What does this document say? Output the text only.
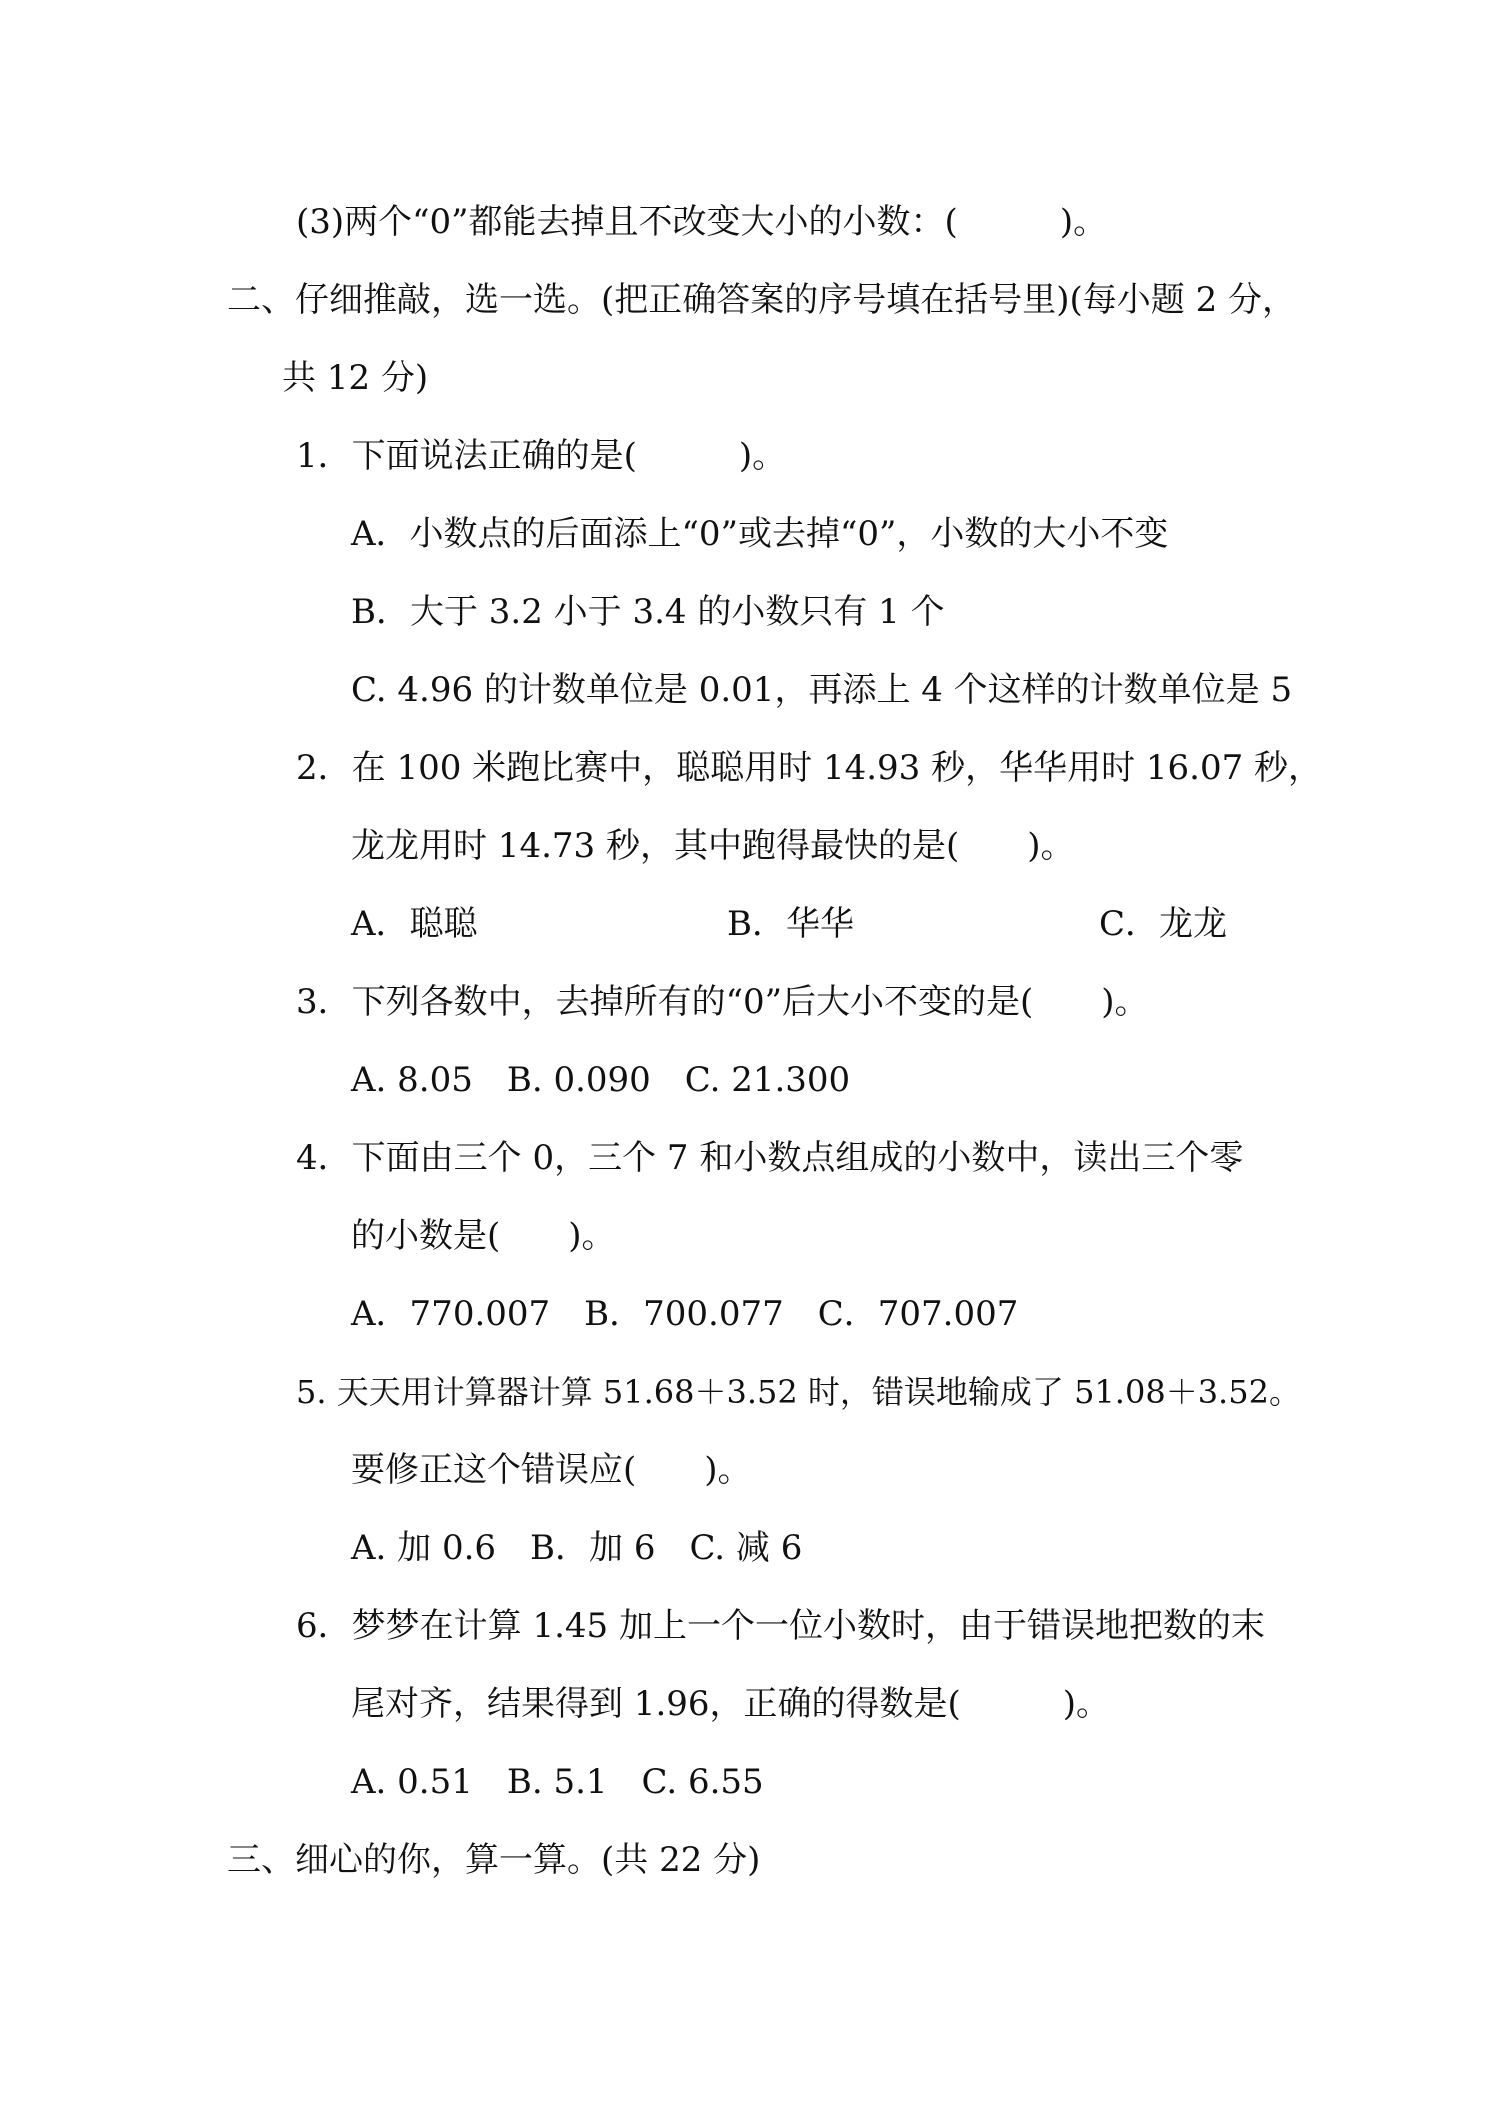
(3)两个“0”都能去掉且不改变大小的小数：(　　　)。
二、仔细推敲，选一选。(把正确答案的序号填在括号里)(每小题 2 分，
共 12 分)
1．下面说法正确的是(　　　)。
A．小数点的后面添上“0”或去掉“0”，小数的大小不变
B．大于 3.2 小于 3.4 的小数只有 1 个
C. 4.96 的计数单位是 0.01，再添上 4 个这样的计数单位是 5
2．在 100 米跑比赛中，聪聪用时 14.93 秒，华华用时 16.07 秒，
龙龙用时 14.73 秒，其中跑得最快的是(　　)。
A．聪聪	B．华华	C．龙龙
3．下列各数中，去掉所有的“0”后大小不变的是(　　)。
A. 8.05　B. 0.090　C. 21.300
4．下面由三个 0，三个 7 和小数点组成的小数中，读出三个零
的小数是(　　)。
A．770.007　B．700.077　C．707.007
5. 天天用计算器计算 51.68＋3.52 时，错误地输成了 51.08＋3.52。
要修正这个错误应(　　)。
A. 加 0.6　B．加 6　C. 减 6
6．梦梦在计算 1.45 加上一个一位小数时，由于错误地把数的末
尾对齐，结果得到 1.96，正确的得数是(　　　)。
A. 0.51　B. 5.1　C. 6.55
三、细心的你，算一算。(共 22 分)
